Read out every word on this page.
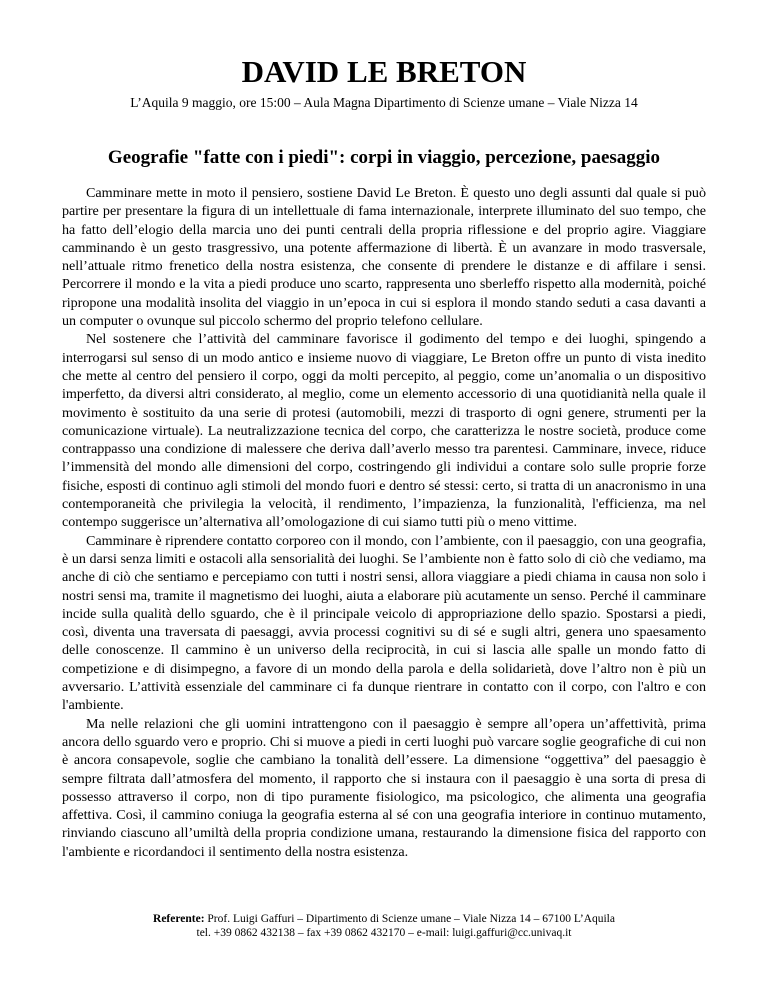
DAVID LE BRETON
L’Aquila 9 maggio, ore 15:00 – Aula Magna Dipartimento di Scienze umane – Viale Nizza 14
Geografie "fatte con i piedi": corpi in viaggio, percezione, paesaggio

Camminare mette in moto il pensiero, sostiene David Le Breton. È questo uno degli assunti dal quale si può partire per presentare la figura di un intellettuale di fama internazionale, interprete illuminato del suo tempo, che ha fatto dell’elogio della marcia uno dei punti centrali della propria riflessione e del proprio agire. Viaggiare camminando è un gesto trasgressivo, una potente affermazione di libertà. È un avanzare in modo trasversale, nell’attuale ritmo frenetico della nostra esistenza, che consente di prendere le distanze e di affilare i sensi. Percorrere il mondo e la vita a piedi produce uno scarto, rappresenta uno sberleffo rispetto alla modernità, poiché ripropone una modalità insolita del viaggio in un’epoca in cui si esplora il mondo stando seduti a casa davanti a un computer o ovunque sul piccolo schermo del proprio telefono cellulare.

Nel sostenere che l’attività del camminare favorisce il godimento del tempo e dei luoghi, spingendo a interrogarsi sul senso di un modo antico e insieme nuovo di viaggiare, Le Breton offre un punto di vista inedito che mette al centro del pensiero il corpo, oggi da molti percepito, al peggio, come un’anomalia o un dispositivo imperfetto, da diversi altri considerato, al meglio, come un elemento accessorio di una quotidianità nella quale il movimento è sostituito da una serie di protesi (automobili, mezzi di trasporto di ogni genere, strumenti per la comunicazione virtuale). La neutralizzazione tecnica del corpo, che caratterizza le nostre società, produce come contrappasso una condizione di malessere che deriva dall’averlo messo tra parentesi. Camminare, invece, riduce l’immensità del mondo alle dimensioni del corpo, costringendo gli individui a contare solo sulle proprie forze fisiche, esposti di continuo agli stimoli del mondo fuori e dentro sé stessi: certo, si tratta di un anacronismo in una contemporaneità che privilegia la velocità, il rendimento, l’impazienza, la funzionalità, l'efficienza, ma nel contempo suggerisce un’alternativa all’omologazione di cui siamo tutti più o meno vittime.

Camminare è riprendere contatto corporeo con il mondo, con l’ambiente, con il paesaggio, con una geografia, è un darsi senza limiti e ostacoli alla sensorialità dei luoghi. Se l’ambiente non è fatto solo di ciò che vediamo, ma anche di ciò che sentiamo e percepiamo con tutti i nostri sensi, allora viaggiare a piedi chiama in causa non solo i nostri sensi ma, tramite il magnetismo dei luoghi, aiuta a elaborare più acutamente un senso. Perché il camminare incide sulla qualità dello sguardo, che è il principale veicolo di appropriazione dello spazio. Spostarsi a piedi, così, diventa una traversata di paesaggi, avvia processi cognitivi su di sé e sugli altri, genera uno spaesamento delle conoscenze. Il cammino è un universo della reciprocità, in cui si lascia alle spalle un mondo fatto di competizione e di disimpegno, a favore di un mondo della parola e della solidarietà, dove l’altro non è più un avversario. L’attività essenziale del camminare ci fa dunque rientrare in contatto con il corpo, con l'altro e con l'ambiente.

Ma nelle relazioni che gli uomini intrattengono con il paesaggio è sempre all’opera un’affettività, prima ancora dello sguardo vero e proprio. Chi si muove a piedi in certi luoghi può varcare soglie geografiche di cui non è ancora consapevole, soglie che cambiano la tonalità dell’essere. La dimensione “oggettiva” del paesaggio è sempre filtrata dall’atmosfera del momento, il rapporto che si instaura con il paesaggio è una sorta di presa di possesso attraverso il corpo, non di tipo puramente fisiologico, ma psicologico, che alimenta una geografia affettiva. Così, il cammino coniuga la geografia esterna al sé con una geografia interiore in continuo mutamento, rinviando ciascuno all’umiltà della propria condizione umana, restaurando la dimensione fisica del rapporto con l'ambiente e ricordandoci il sentimento della nostra esistenza.

Referente: Prof. Luigi Gaffuri – Dipartimento di Scienze umane – Viale Nizza 14 – 67100 L’Aquila
tel. +39 0862 432138 – fax +39 0862 432170 – e-mail: luigi.gaffuri@cc.univaq.it
